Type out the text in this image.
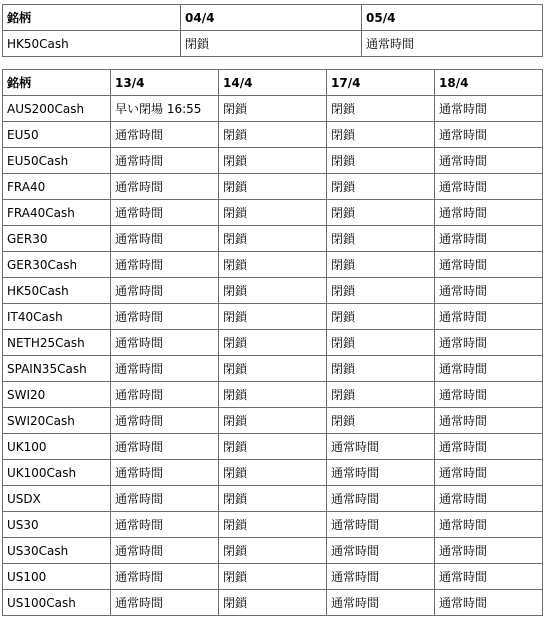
銘柄	04/4	05/4
HK50Cash	閉鎖	通常時間
銘柄	13/4	14/4	17/4	18/4
AUS200Cash	早い閉場 16:55	閉鎖	閉鎖	通常時間
EU50	通常時間	閉鎖	閉鎖	通常時間
EU50Cash	通常時間	閉鎖	閉鎖	通常時間
FRA40	通常時間	閉鎖	閉鎖	通常時間
FRA40Cash	通常時間	閉鎖	閉鎖	通常時間
GER30	通常時間	閉鎖	閉鎖	通常時間
GER30Cash	通常時間	閉鎖	閉鎖	通常時間
HK50Cash	通常時間	閉鎖	閉鎖	通常時間
IT40Cash	通常時間	閉鎖	閉鎖	通常時間
NETH25Cash	通常時間	閉鎖	閉鎖	通常時間
SPAIN35Cash	通常時間	閉鎖	閉鎖	通常時間
SWI20	通常時間	閉鎖	閉鎖	通常時間
SWI20Cash	通常時間	閉鎖	閉鎖	通常時間
UK100	通常時間	閉鎖	通常時間	通常時間
UK100Cash	通常時間	閉鎖	通常時間	通常時間
USDX	通常時間	閉鎖	通常時間	通常時間
US30	通常時間	閉鎖	通常時間	通常時間
US30Cash	通常時間	閉鎖	通常時間	通常時間
US100	通常時間	閉鎖	通常時間	通常時間
US100Cash	通常時間	閉鎖	通常時間	通常時間
